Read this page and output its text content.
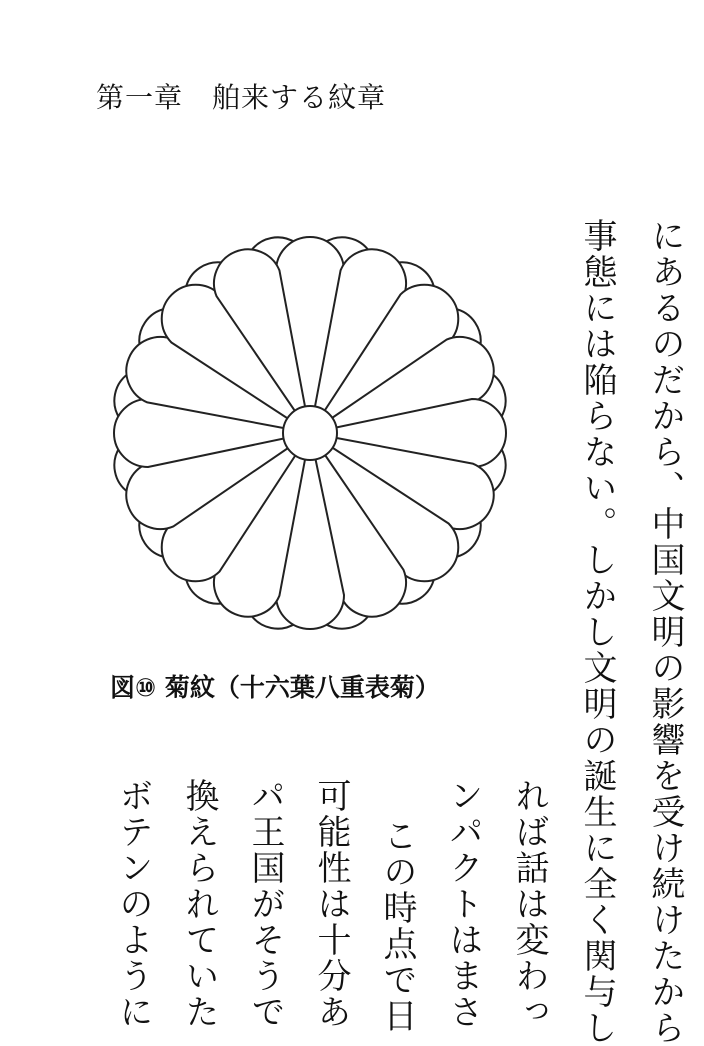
第一章　舶来する紋章
図⑩ 菊紋（十六葉八重表菊）	にあるのだから、中国文明の影響を受け続けたから
事態には陥らない。しかし文明の誕生に全く関与し
れば話は変わっ
ンパクトはまさ
この時点で日
可能性は十分あ
パ王国がそうで
換えられていた
ボテンのように
